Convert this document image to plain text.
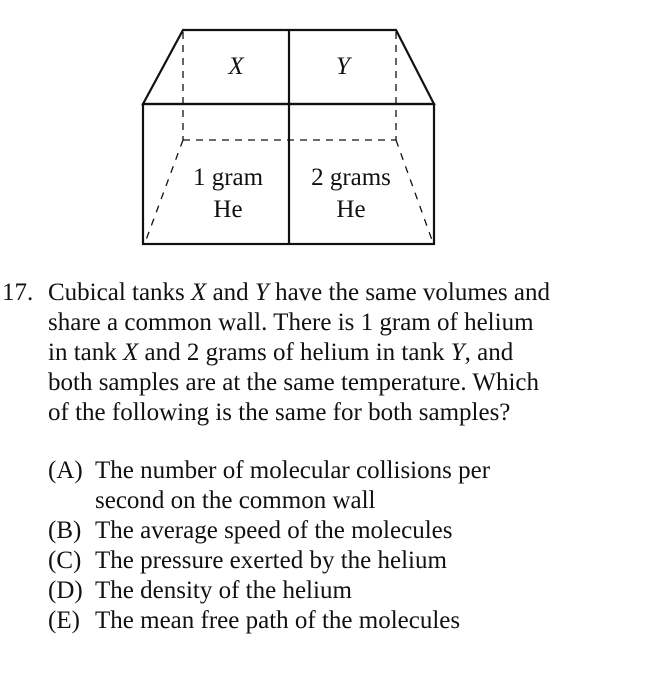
X	Y
1 gram
He
2 grams
He
17. Cubical tanks X and Y have the same volumes and
share a common wall. There is 1 gram of helium
in tank X and 2 grams of helium in tank Y, and
both samples are at the same temperature. Which
of the following is the same for both samples?
(A) The number of molecular collisions per
second on the common wall
(B) The average speed of the molecules
(C) The pressure exerted by the helium
(D) The density of the helium
(E) The mean free path of the molecules
